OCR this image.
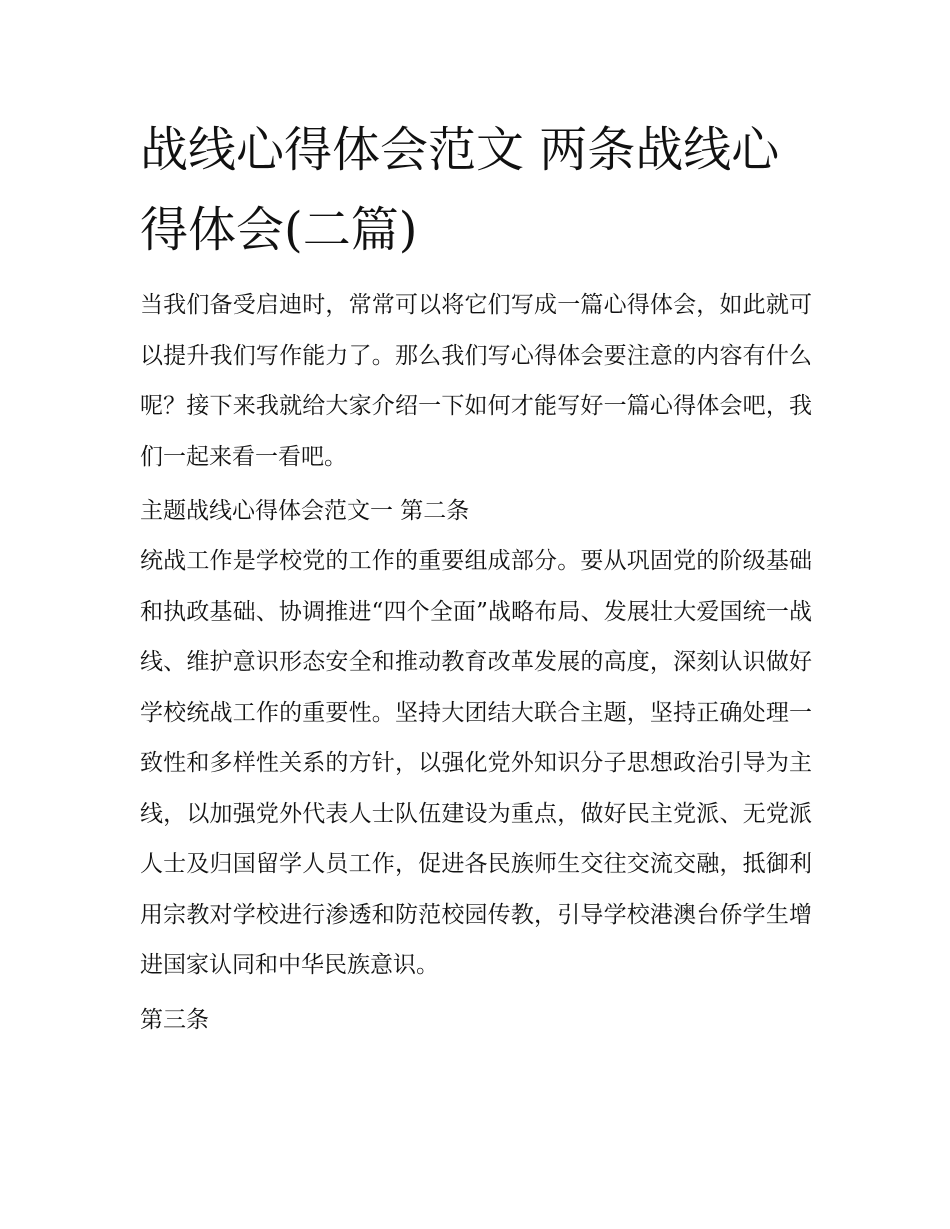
战线心得体会范文 两条战线心得体会(二篇)

当我们备受启迪时，常常可以将它们写成一篇心得体会，如此就可以提升我们写作能力了。那么我们写心得体会要注意的内容有什么呢？接下来我就给大家介绍一下如何才能写好一篇心得体会吧，我们一起来看一看吧。

主题战线心得体会范文一 第二条

统战工作是学校党的工作的重要组成部分。要从巩固党的阶级基础和执政基础、协调推进“四个全面”战略布局、发展壮大爱国统一战线、维护意识形态安全和推动教育改革发展的高度，深刻认识做好学校统战工作的重要性。坚持大团结大联合主题，坚持正确处理一致性和多样性关系的方针，以强化党外知识分子思想政治引导为主线，以加强党外代表人士队伍建设为重点，做好民主党派、无党派人士及归国留学人员工作，促进各民族师生交往交流交融，抵御利用宗教对学校进行渗透和防范校园传教，引导学校港澳台侨学生增进国家认同和中华民族意识。

第三条
